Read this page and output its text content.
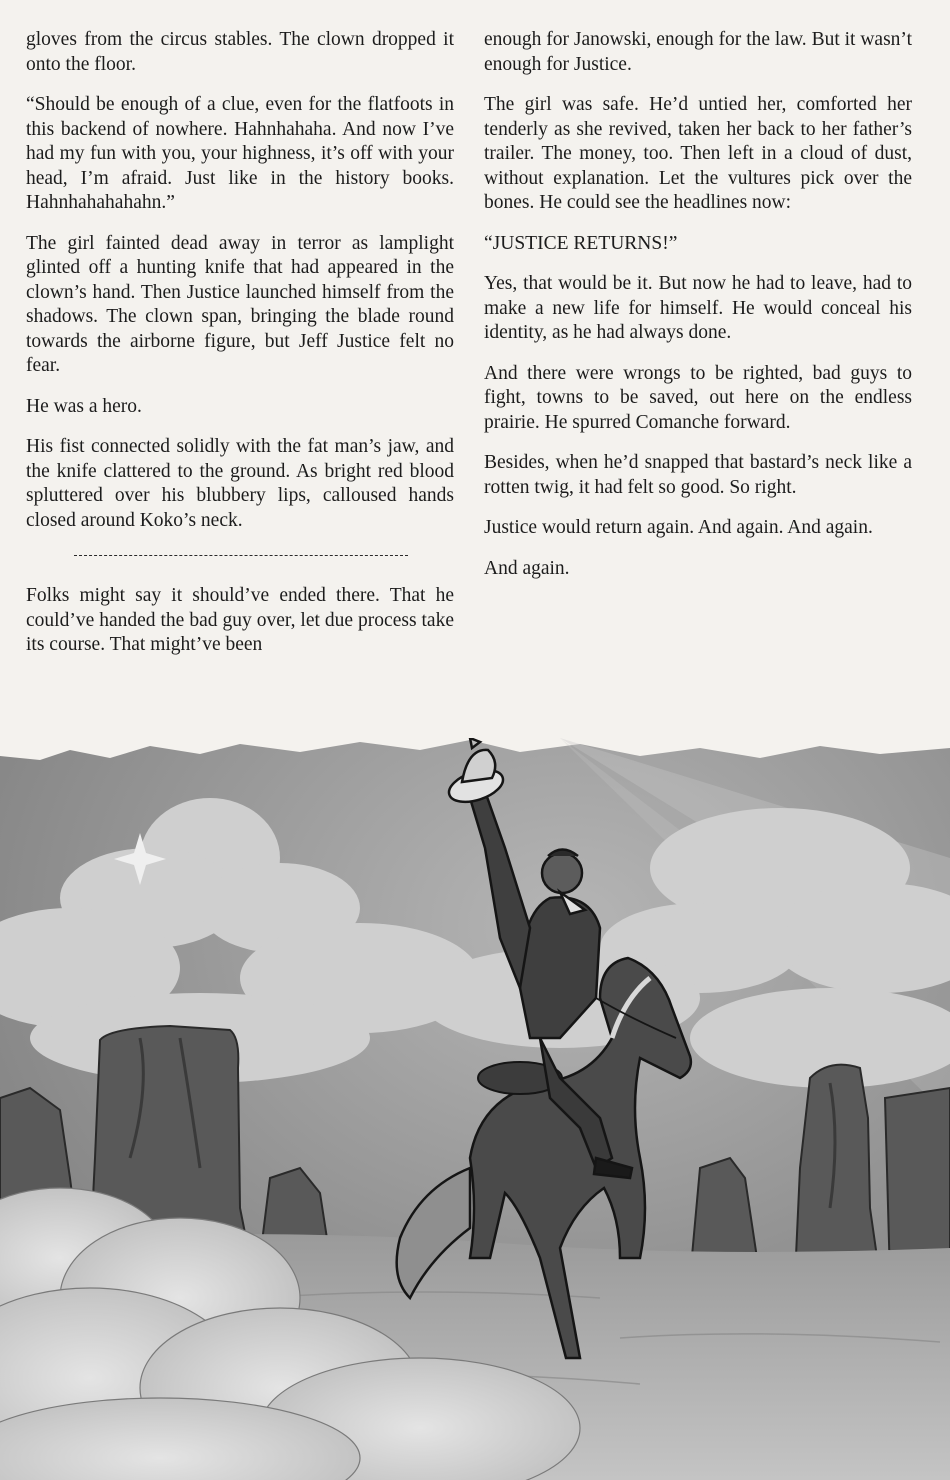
gloves from the circus stables. The clown dropped it onto the floor.

“Should be enough of a clue, even for the flatfoots in this backend of nowhere. Hahnhahaha. And now I’ve had my fun with you, your highness, it’s off with your head, I’m afraid. Just like in the history books. Hahnhahahahahn.”

The girl fainted dead away in terror as lamplight glinted off a hunting knife that had appeared in the clown’s hand. Then Justice launched himself from the shadows. The clown span, bringing the blade round towards the airborne figure, but Jeff Justice felt no fear.

He was a hero.

His fist connected solidly with the fat man’s jaw, and the knife clattered to the ground. As bright red blood spluttered over his blubbery lips, calloused hands closed around Koko’s neck.

Folks might say it should’ve ended there. That he could’ve handed the bad guy over, let due process take its course. That might’ve been

enough for Janowski, enough for the law. But it wasn’t enough for Justice.

The girl was safe. He’d untied her, comforted her tenderly as she revived, taken her back to her father’s trailer. The money, too. Then left in a cloud of dust, without explanation. Let the vultures pick over the bones. He could see the headlines now:

“JUSTICE RETURNS!”

Yes, that would be it. But now he had to leave, had to make a new life for himself. He would conceal his identity, as he had always done.

And there were wrongs to be righted, bad guys to fight, towns to be saved, out here on the endless prairie. He spurred Comanche forward.

Besides, when he’d snapped that bastard’s neck like a rotten twig, it had felt so good. So right.

Justice would return again. And again. And again.

And again.
